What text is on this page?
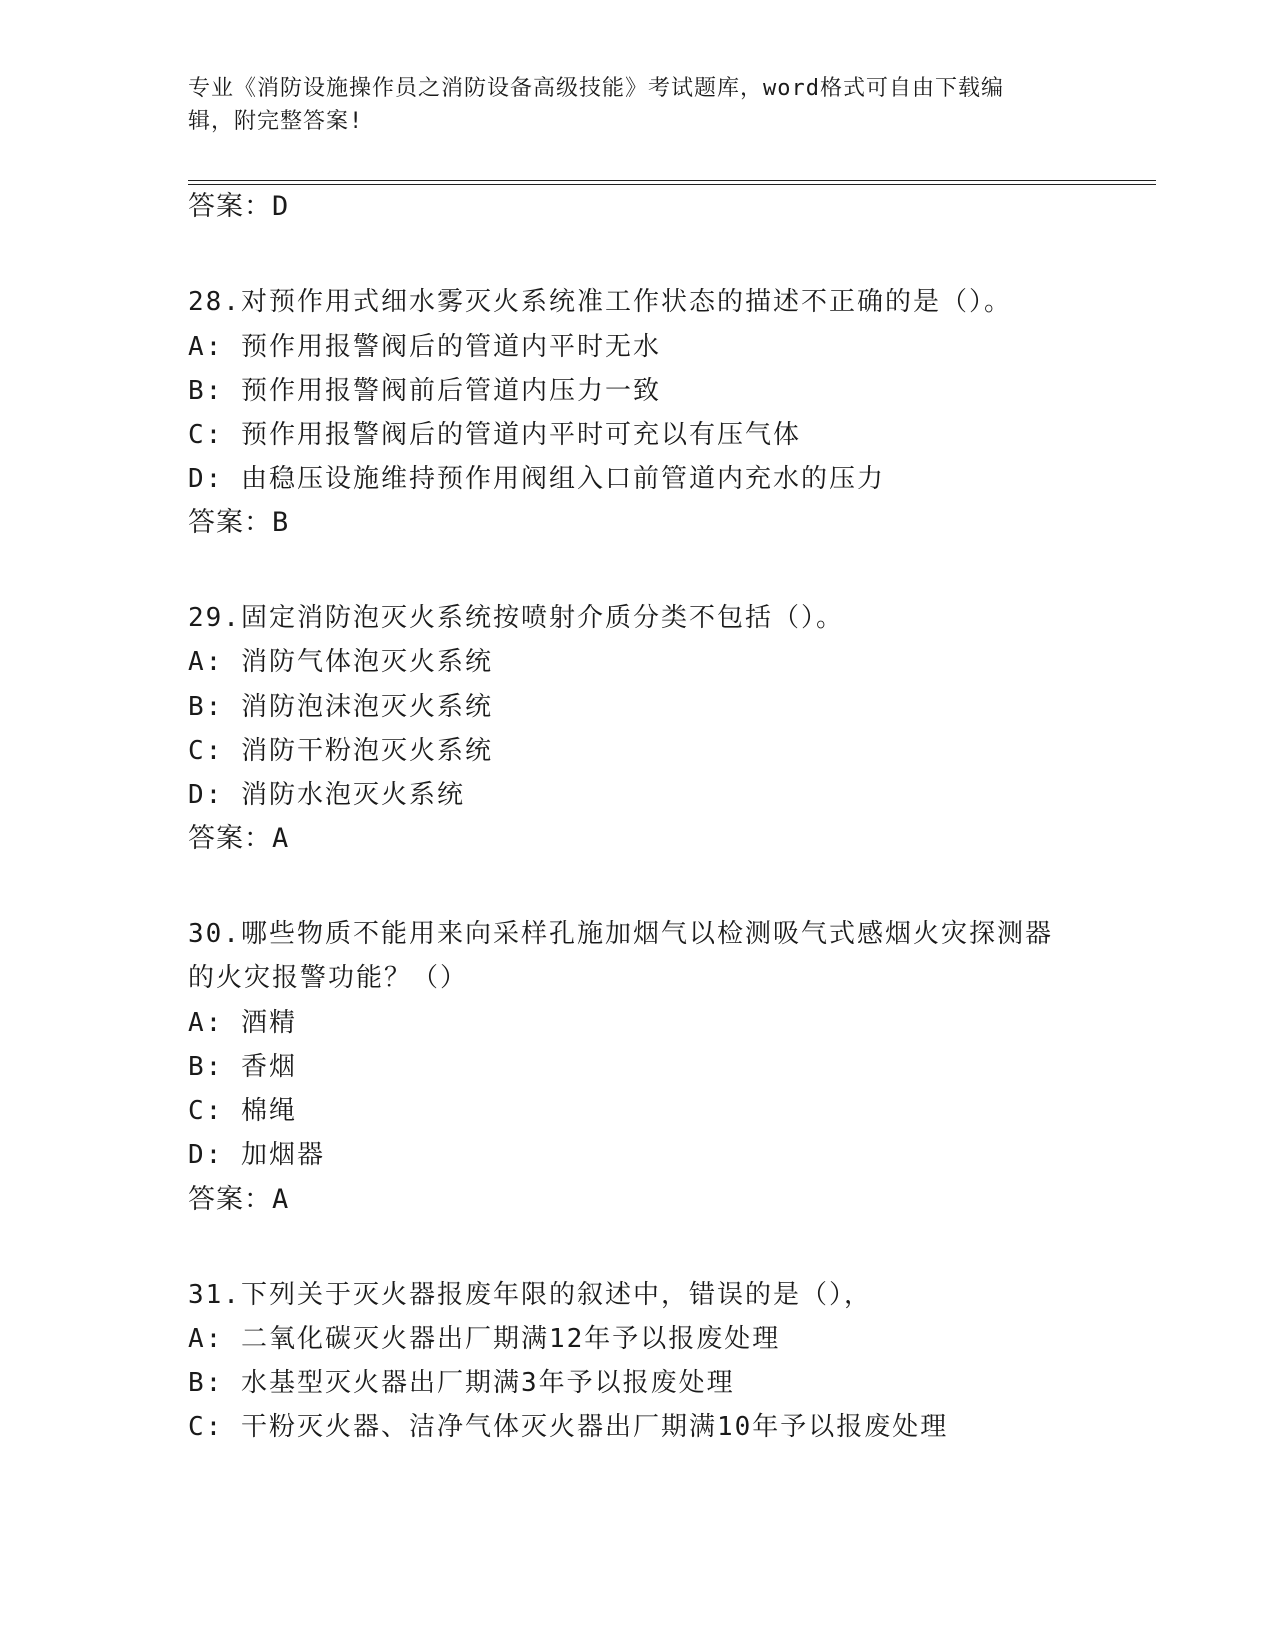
专业《消防设施操作员之消防设备高级技能》考试题库，word格式可自由下载编
辑，附完整答案!
答案：D
28.对预作用式细水雾灭火系统准工作状态的描述不正确的是（）。
A: 预作用报警阀后的管道内平时无水
B: 预作用报警阀前后管道内压力一致
C: 预作用报警阀后的管道内平时可充以有压气体
D: 由稳压设施维持预作用阀组入口前管道内充水的压力
答案：B
29.固定消防泡灭火系统按喷射介质分类不包括（）。
A: 消防气体泡灭火系统
B: 消防泡沫泡灭火系统
C: 消防干粉泡灭火系统
D: 消防水泡灭火系统
答案：A
30.哪些物质不能用来向采样孔施加烟气以检测吸气式感烟火灾探测器
的火灾报警功能？（）
A: 酒精
B: 香烟
C: 棉绳
D: 加烟器
答案：A
31.下列关于灭火器报废年限的叙述中，错误的是（），
A: 二氧化碳灭火器出厂期满12年予以报废处理
B: 水基型灭火器出厂期满3年予以报废处理
C: 干粉灭火器、洁净气体灭火器出厂期满10年予以报废处理
